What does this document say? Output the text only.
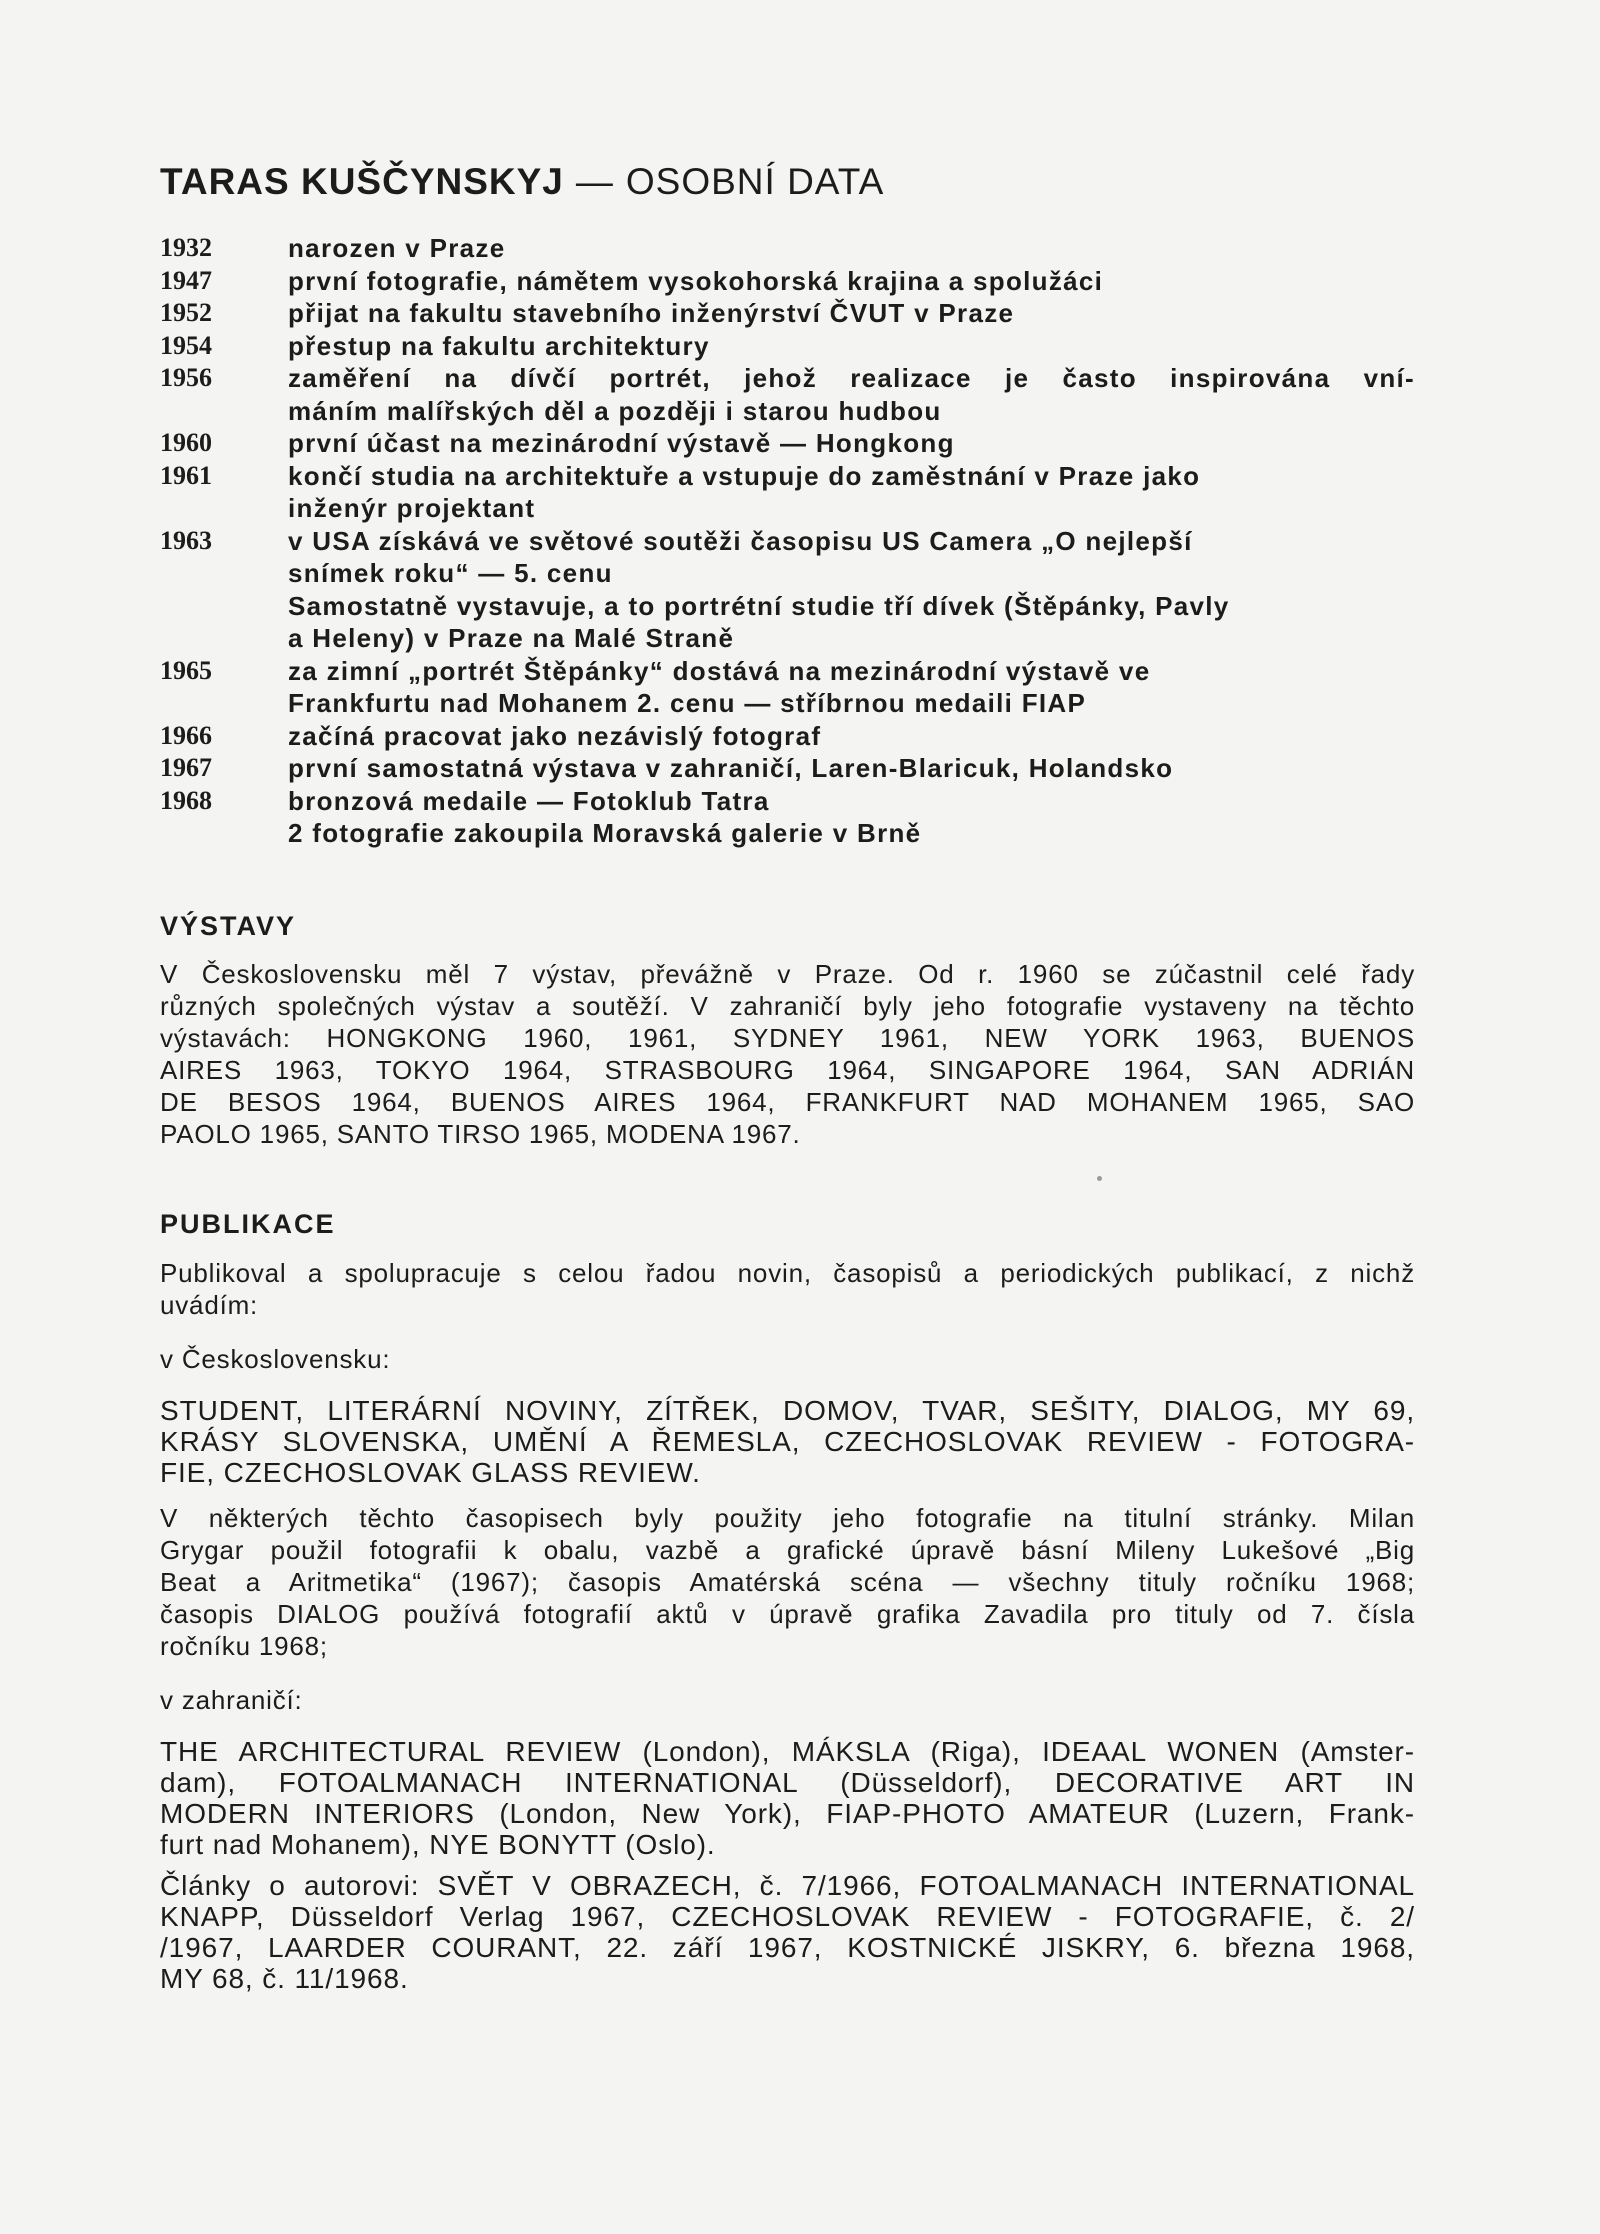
TARAS KUŠČYNSKYJ — OSOBNÍ DATA
1932	narozen v Praze
1947	první fotografie, námětem vysokohorská krajina a spolužáci
1952	přijat na fakultu stavebního inženýrství ČVUT v Praze
1954	přestup na fakultu architektury
1956	zaměření na dívčí portrét, jehož realizace je často inspirována vní-
máním malířských děl a později i starou hudbou
1960	první účast na mezinárodní výstavě — Hongkong
1961	končí studia na architektuře a vstupuje do zaměstnání v Praze jako
inženýr projektant
1963	v USA získává ve světové soutěži časopisu US Camera „O nejlepší
snímek roku“ — 5. cenu
Samostatně vystavuje, a to portrétní studie tří dívek (Štěpánky, Pavly
a Heleny) v Praze na Malé Straně
1965	za zimní „portrét Štěpánky“ dostává na mezinárodní výstavě ve
Frankfurtu nad Mohanem 2. cenu — stříbrnou medaili FIAP
1966	začíná pracovat jako nezávislý fotograf
1967	první samostatná výstava v zahraničí, Laren-Blaricuk, Holandsko
1968	bronzová medaile — Fotoklub Tatra
2 fotografie zakoupila Moravská galerie v Brně
VÝSTAVY
V Československu měl 7 výstav, převážně v Praze. Od r. 1960 se zúčastnil celé řady
různých společných výstav a soutěží. V zahraničí byly jeho fotografie vystaveny na těchto
výstavách: HONGKONG 1960, 1961, SYDNEY 1961, NEW YORK 1963, BUENOS
AIRES 1963, TOKYO 1964, STRASBOURG 1964, SINGAPORE 1964, SAN ADRIÁN
DE BESOS 1964, BUENOS AIRES 1964, FRANKFURT NAD MOHANEM 1965, SAO
PAOLO 1965, SANTO TIRSO 1965, MODENA 1967.
PUBLIKACE
Publikoval a spolupracuje s celou řadou novin, časopisů a periodických publikací, z nichž
uvádím:
v Československu:
STUDENT, LITERÁRNÍ NOVINY, ZÍTŘEK, DOMOV, TVAR, SEŠITY, DIALOG, MY 69,
KRÁSY SLOVENSKA, UMĚNÍ A ŘEMESLA, CZECHOSLOVAK REVIEW - FOTOGRA-
FIE, CZECHOSLOVAK GLASS REVIEW.
V některých těchto časopisech byly použity jeho fotografie na titulní stránky. Milan
Grygar použil fotografii k obalu, vazbě a grafické úpravě básní Mileny Lukešové „Big
Beat a Aritmetika“ (1967); časopis Amatérská scéna — všechny tituly ročníku 1968;
časopis DIALOG používá fotografií aktů v úpravě grafika Zavadila pro tituly od 7. čísla
ročníku 1968;
v zahraničí:
THE ARCHITECTURAL REVIEW (London), MÁKSLA (Riga), IDEAAL WONEN (Amster-
dam), FOTOALMANACH INTERNATIONAL (Düsseldorf), DECORATIVE ART IN
MODERN INTERIORS (London, New York), FIAP-PHOTO AMATEUR (Luzern, Frank-
furt nad Mohanem), NYE BONYTT (Oslo).
Články o autorovi: SVĚT V OBRAZECH, č. 7/1966, FOTOALMANACH INTERNATIONAL
KNAPP, Düsseldorf Verlag 1967, CZECHOSLOVAK REVIEW - FOTOGRAFIE, č. 2/
/1967, LAARDER COURANT, 22. září 1967, KOSTNICKÉ JISKRY, 6. března 1968,
MY 68, č. 11/1968.
